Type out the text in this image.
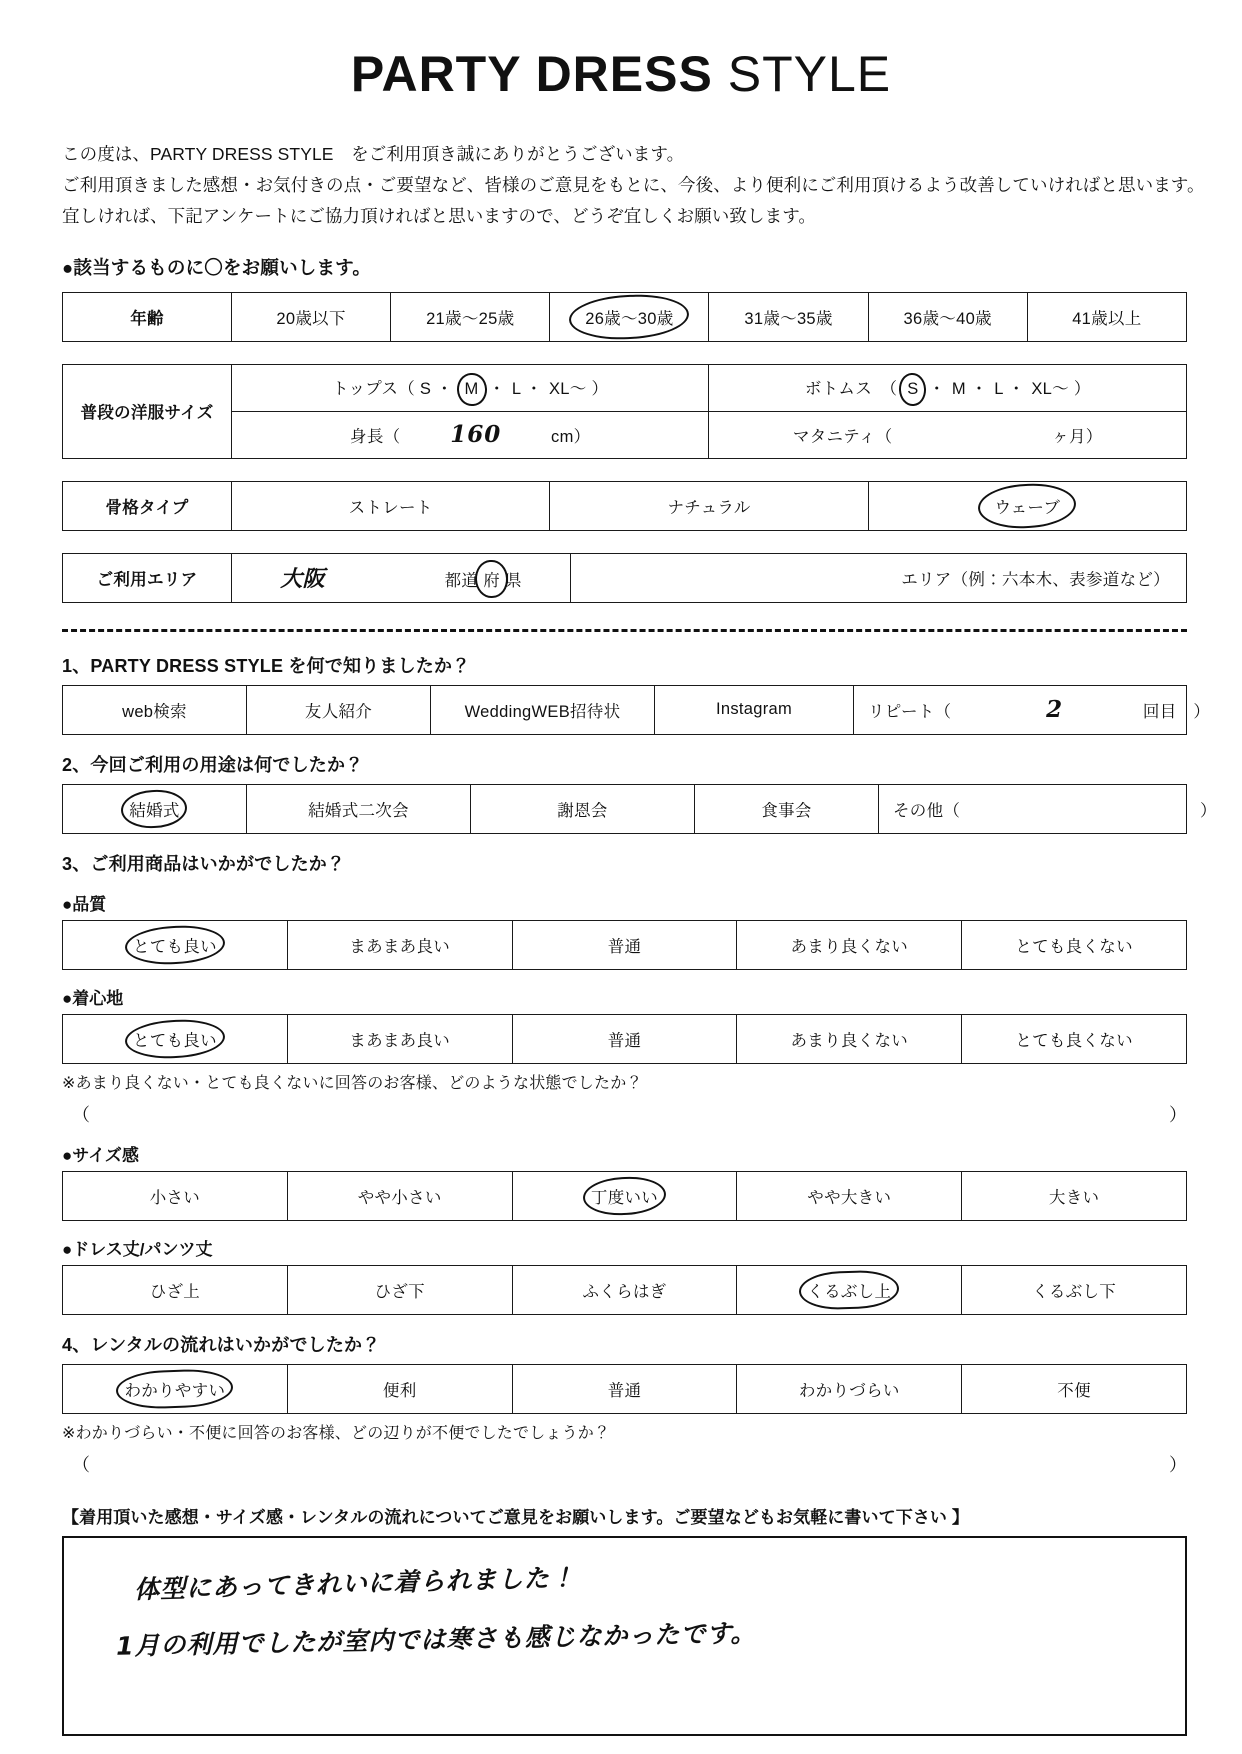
PARTY DRESS STYLE
この度は、PARTY DRESS STYLE　をご利用頂き誠にありがとうございます。
ご利用頂きました感想・お気付きの点・ご要望など、皆様のご意見をもとに、今後、より便利にご利用頂けるよう改善していければと思います。
宜しければ、下記アンケートにご協力頂ければと思いますので、どうぞ宜しくお願い致します。
●該当するものに〇をお願いします。
年齢	20歳以下	21歳～25歳	26歳～30歳	31歳～35歳	36歳～40歳	41歳以上
普段の洋服サイズ	トップス（ S ・ M ・ L ・ XL～ ）	ボトムス　（ S ・ M ・ L ・ XL～ ）
	身長（ 160 cm）	マタニティ（ ヶ月）
骨格タイプ	ストレート	ナチュラル	ウェーブ
ご利用エリア	大阪	都道 府 県	エリア（例：六本木、表参道など）
1、PARTY DRESS STYLE を何で知りましたか？
web検索	友人紹介	WeddingWEB招待状	Instagram	リピート（	2	回目　）
2、今回ご利用の用途は何でしたか？
結婚式	結婚式二次会	謝恩会	食事会	その他（	）
3、ご利用商品はいかがでしたか？
●品質
とても良い	まあまあ良い	普通	あまり良くない	とても良くない
●着心地
とても良い	まあまあ良い	普通	あまり良くない	とても良くない
※あまり良くない・とても良くないに回答のお客様、どのような状態でしたか？
（	）
●サイズ感
小さい	やや小さい	丁度いい	やや大きい	大きい
●ドレス丈/パンツ丈
ひざ上	ひざ下	ふくらはぎ	くるぶし上	くるぶし下
4、レンタルの流れはいかがでしたか？
わかりやすい	便利	普通	わかりづらい	不便
※わかりづらい・不便に回答のお客様、どの辺りが不便でしたでしょうか？
（	）
【着用頂いた感想・サイズ感・レンタルの流れについてご意見をお願いします。ご要望などもお気軽に書いて下さい 】
体型にあってきれいに着られました！
1月の利用でしたが室内では寒さも感じなかったです。
